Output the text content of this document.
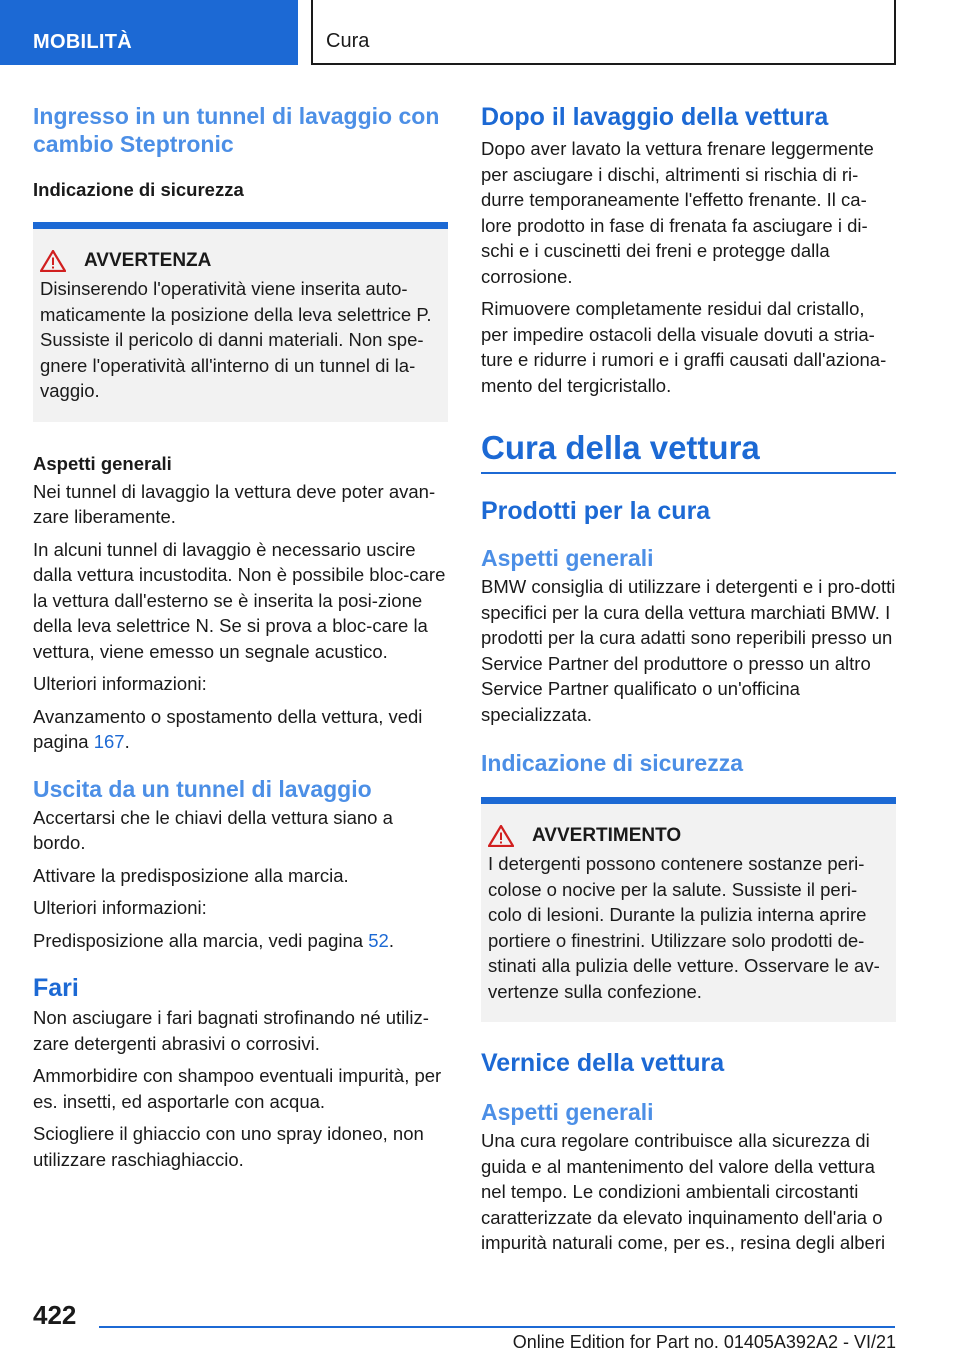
MOBILITÀ	Cura
Ingresso in un tunnel di lavaggio con cambio Steptronic
Indicazione di sicurezza
AVVERTENZA

Disinserendo l'operatività viene inserita auto-maticamente la posizione della leva selettrice P. Sussiste il pericolo di danni materiali. Non spe-gnere l'operatività all'interno di un tunnel di la-vaggio.

Aspetti generali

Nei tunnel di lavaggio la vettura deve poter avan-zare liberamente.

In alcuni tunnel di lavaggio è necessario uscire dalla vettura incustodita. Non è possibile bloc-care la vettura dall'esterno se è inserita la posi-zione della leva selettrice N. Se si prova a bloc-care la vettura, viene emesso un segnale acustico.

Ulteriori informazioni:

Avanzamento o spostamento della vettura, vedi pagina 167.

Uscita da un tunnel di lavaggio

Accertarsi che le chiavi della vettura siano a bordo.

Attivare la predisposizione alla marcia.

Ulteriori informazioni:

Predisposizione alla marcia, vedi pagina 52.

Fari

Non asciugare i fari bagnati strofinando né utiliz-zare detergenti abrasivi o corrosivi.

Ammorbidire con shampoo eventuali impurità, per es. insetti, ed asportarle con acqua.

Sciogliere il ghiaccio con uno spray idoneo, non utilizzare raschiaghiaccio.

Dopo il lavaggio della vettura

Dopo aver lavato la vettura frenare leggermente per asciugare i dischi, altrimenti si rischia di ri-durre temporaneamente l'effetto frenante. Il ca-lore prodotto in fase di frenata fa asciugare i di-schi e i cuscinetti dei freni e protegge dalla corrosione.

Rimuovere completamente residui dal cristallo, per impedire ostacoli della visuale dovuti a stria-ture e ridurre i rumori e i graffi causati dall'aziona-mento del tergicristallo.

Cura della vettura
Prodotti per la cura
Aspetti generali

BMW consiglia di utilizzare i detergenti e i pro-dotti specifici per la cura della vettura marchiati BMW. I prodotti per la cura adatti sono reperibili presso un Service Partner del produttore o presso un altro Service Partner qualificato o un'officina specializzata.

Indicazione di sicurezza
AVVERTIMENTO

I detergenti possono contenere sostanze peri-colose o nocive per la salute. Sussiste il peri-colo di lesioni. Durante la pulizia interna aprire portiere o finestrini. Utilizzare solo prodotti de-stinati alla pulizia delle vetture. Osservare le av-vertenze sulla confezione.

Vernice della vettura
Aspetti generali

Una cura regolare contribuisce alla sicurezza di guida e al mantenimento del valore della vettura nel tempo. Le condizioni ambientali circostanti caratterizzate da elevato inquinamento dell'aria o impurità naturali come, per es., resina degli alberi

422
Online Edition for Part no. 01405A392A2 - VI/21
